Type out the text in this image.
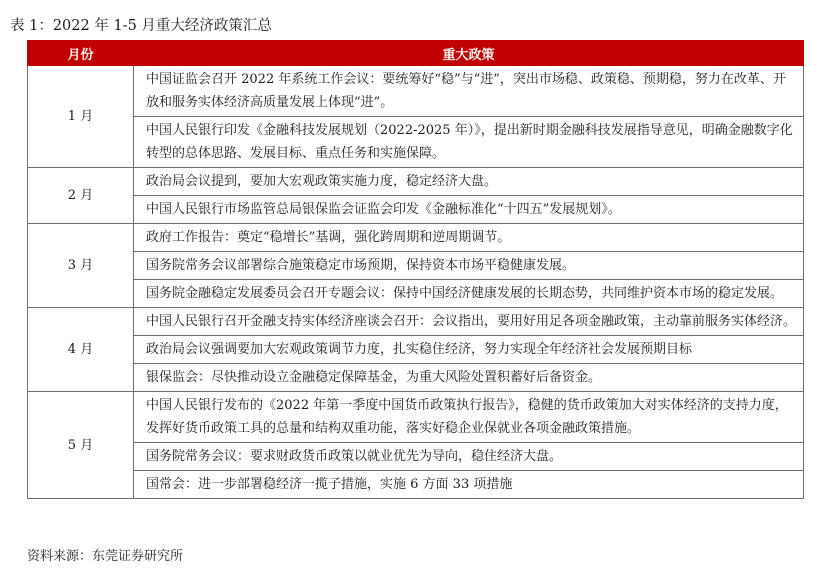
表 1：2022 年 1-5 月重大经济政策汇总
月份	重大政策
1 月	中国证监会召开 2022 年系统工作会议：要统筹好“稳”与“进”，突出市场稳、政策稳、预期稳，努力在改革、开放和服务实体经济高质量发展上体现“进”。
	中国人民银行印发《金融科技发展规划（2022-2025 年）》，提出新时期金融科技发展指导意见，明确金融数字化转型的总体思路、发展目标、重点任务和实施保障。
2 月	政治局会议提到，要加大宏观政策实施力度，稳定经济大盘。
	中国人民银行市场监管总局银保监会证监会印发《金融标准化“十四五”发展规划》。
3 月	政府工作报告：奠定“稳增长”基调，强化跨周期和逆周期调节。
	国务院常务会议部署综合施策稳定市场预期，保持资本市场平稳健康发展。
	国务院金融稳定发展委员会召开专题会议：保持中国经济健康发展的长期态势，共同维护资本市场的稳定发展。
4 月	中国人民银行召开金融支持实体经济座谈会召开：会议指出，要用好用足各项金融政策，主动靠前服务实体经济。
	政治局会议强调要加大宏观政策调节力度，扎实稳住经济，努力实现全年经济社会发展预期目标
	银保监会：尽快推动设立金融稳定保障基金，为重大风险处置积蓄好后备资金。
5 月	中国人民银行发布的《2022 年第一季度中国货币政策执行报告》，稳健的货币政策加大对实体经济的支持力度，发挥好货币政策工具的总量和结构双重功能，落实好稳企业保就业各项金融政策措施。
	国务院常务会议：要求财政货币政策以就业优先为导向，稳住经济大盘。
	国常会：进一步部署稳经济一揽子措施，实施 6 方面 33 项措施
资料来源：东莞证券研究所
